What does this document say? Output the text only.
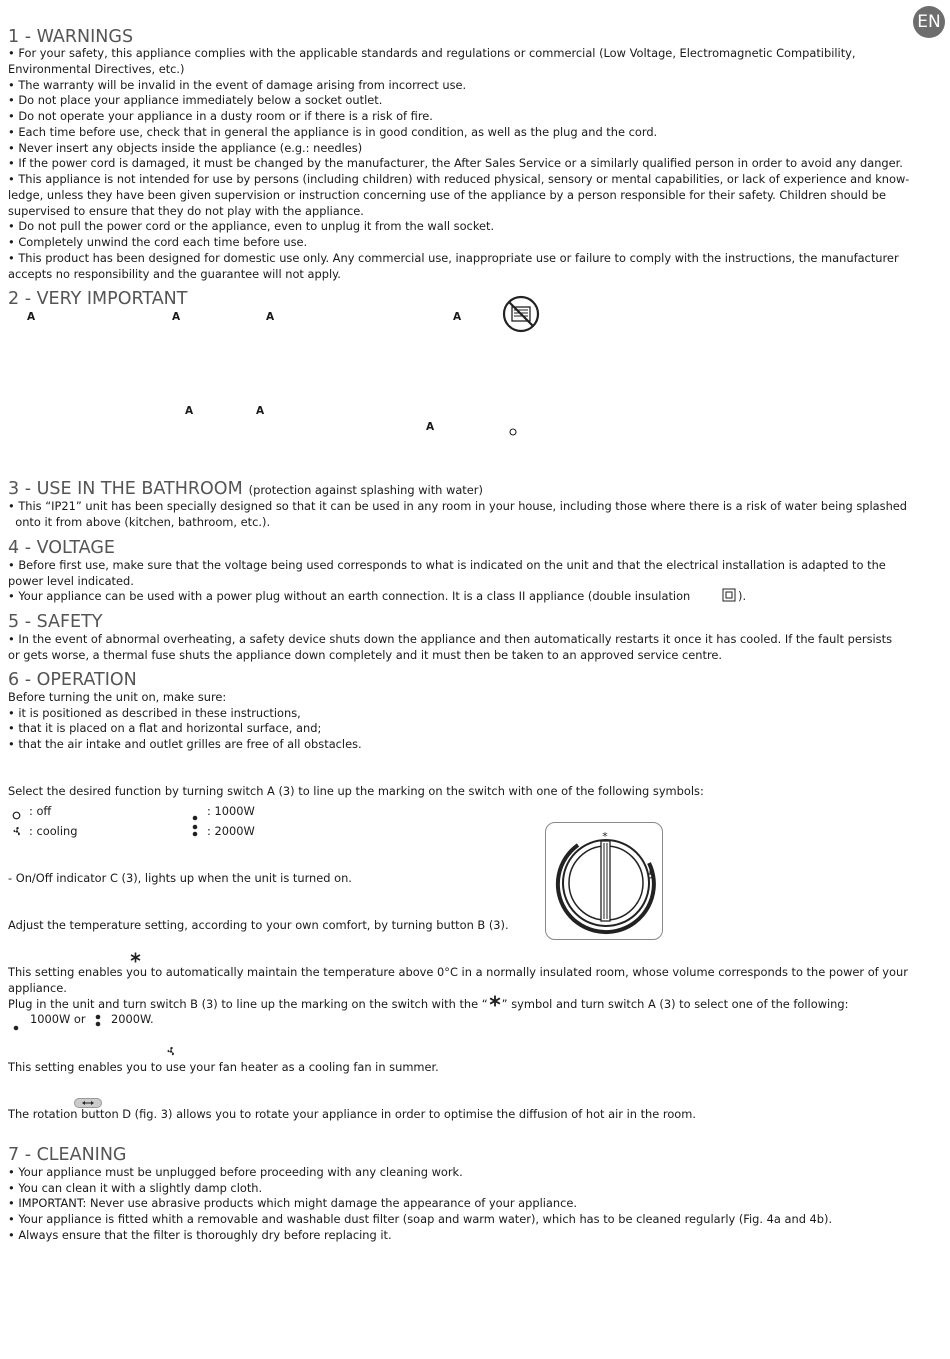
EN
1 - WARNINGS
• For your safety, this appliance complies with the applicable standards and regulations or commercial (Low Voltage, Electromagnetic Compatibility,
Environmental Directives, etc.)
• The warranty will be invalid in the event of damage arising from incorrect use.
• Do not place your appliance immediately below a socket outlet.
• Do not operate your appliance in a dusty room or if there is a risk of fire.
• Each time before use, check that in general the appliance is in good condition, as well as the plug and the cord.
• Never insert any objects inside the appliance (e.g.: needles)
• If the power cord is damaged, it must be changed by the manufacturer, the After Sales Service or a similarly qualified person in order to avoid any danger.
• This appliance is not intended for use by persons (including children) with reduced physical, sensory or mental capabilities, or lack of experience and know-
ledge, unless they have been given supervision or instruction concerning use of the appliance by a person responsible for their safety. Children should be
supervised to ensure that they do not play with the appliance.
• Do not pull the power cord or the appliance, even to unplug it from the wall socket.
• Completely unwind the cord each time before use.
• This product has been designed for domestic use only. Any commercial use, inappropriate use or failure to comply with the instructions, the manufacturer
accepts no responsibility and the guarantee will not apply.
2 - VERY IMPORTANT
A	A	A	A
A	A
A
3 - USE IN THE BATHROOM (protection against splashing with water)
• This “IP21” unit has been specially designed so that it can be used in any room in your house, including those where there is a risk of water being splashed
onto it from above (kitchen, bathroom, etc.).
4 - VOLTAGE
• Before first use, make sure that the voltage being used corresponds to what is indicated on the unit and that the electrical installation is adapted to the
power level indicated.
• Your appliance can be used with a power plug without an earth connection. It is a class II appliance (double insulation	).
5 - SAFETY
• In the event of abnormal overheating, a safety device shuts down the appliance and then automatically restarts it once it has cooled. If the fault persists
or gets worse, a thermal fuse shuts the appliance down completely and it must then be taken to an approved service centre.
6 - OPERATION
Before turning the unit on, make sure:
• it is positioned as described in these instructions,
• that it is placed on a flat and horizontal surface, and;
• that the air intake and outlet grilles are free of all obstacles.
Select the desired function by turning switch A (3) to line up the marking on the switch with one of the following symbols:
: off
: cooling
: 1000W
: 2000W	*
- On/Off indicator C (3), lights up when the unit is turned on.
Adjust the temperature setting, according to your own comfort, by turning button B (3).
This setting enables you to automatically maintain the temperature above 0°C in a normally insulated room, whose volume corresponds to the power of your
appliance.
Plug in the unit and turn switch B (3) to line up the marking on the switch with the “ ” symbol and turn switch A (3) to select one of the following:
1000W or 2000W.
This setting enables you to use your fan heater as a cooling fan in summer.
The rotation button D (fig. 3) allows you to rotate your appliance in order to optimise the diffusion of hot air in the room.
7 - CLEANING
• Your appliance must be unplugged before proceeding with any cleaning work.
• You can clean it with a slightly damp cloth.
• IMPORTANT: Never use abrasive products which might damage the appearance of your appliance.
• Your appliance is fitted whith a removable and washable dust filter (soap and warm water), which has to be cleaned regularly (Fig. 4a and 4b).
• Always ensure that the filter is thoroughly dry before replacing it.
